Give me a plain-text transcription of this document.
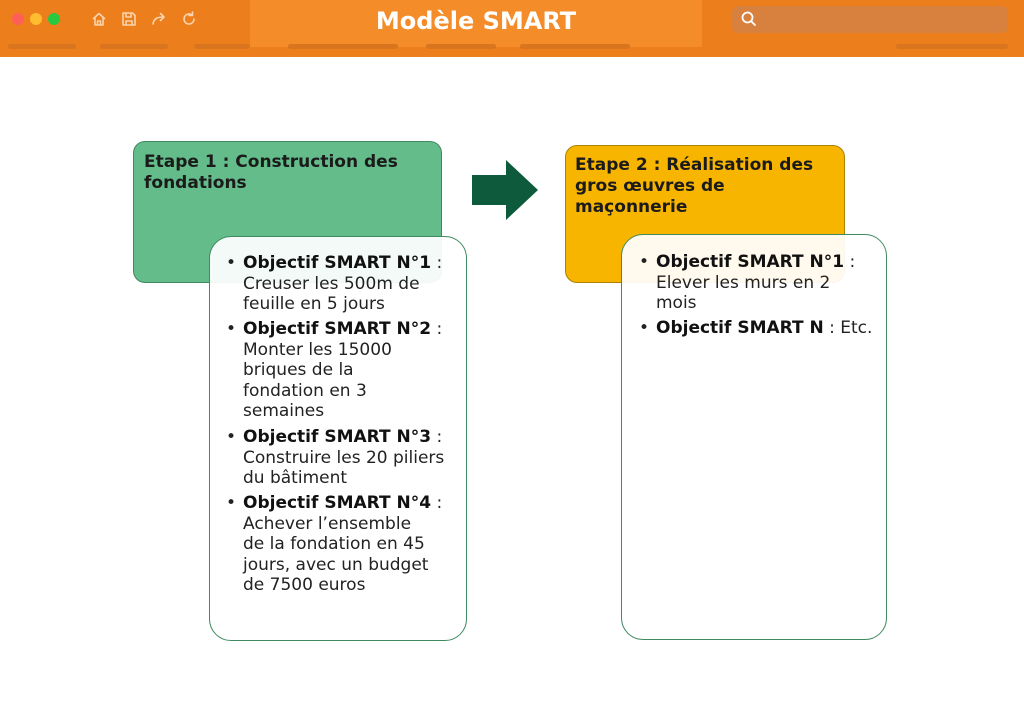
Modèle SMART
Etape 1 : Construction des
fondations
• Objectif SMART N°1 :
Creuser les 500m de
feuille en 5 jours
• Objectif SMART N°2 :
Monter les 15000
briques de la
fondation en 3
semaines
• Objectif SMART N°3 :
Construire les 20 piliers
du bâtiment
• Objectif SMART N°4 :
Achever l’ensemble
de la fondation en 45
jours, avec un budget
de 7500 euros
Etape 2 : Réalisation des
gros œuvres de
maçonnerie
• Objectif SMART N°1 :
Elever les murs en 2
mois
• Objectif SMART N : Etc.
